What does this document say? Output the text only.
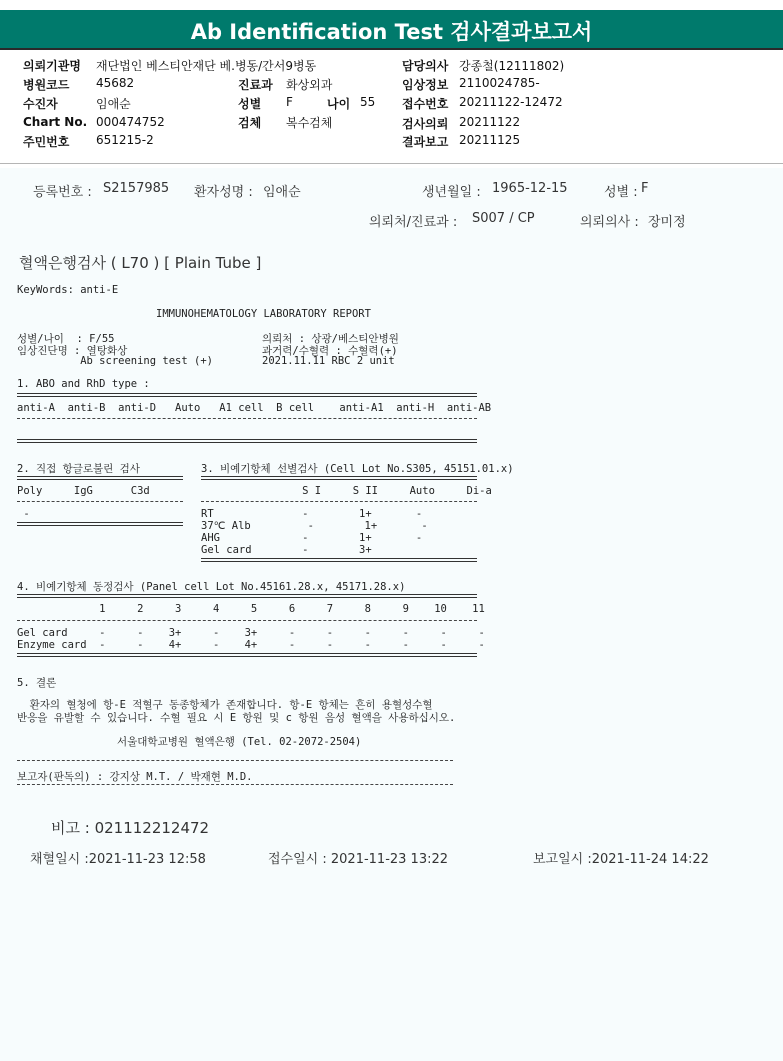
Ab Identification Test 검사결과보고서
의뢰기관명 재단법인 베스티안재단 베.병동/간서9병동
병원코드 45682
수진자	임애순
Chart No. 000474752
주민번호 651215-2
진료과 화상외과
성별 F	나이 55
검체 복수검체
담당의사 강종철(12111802)
임상정보 2110024785-
접수번호 20211122-12472
검사의뢰 20211122
결과보고 20211125
등록번호 : S2157985 환자성명 : 임애순	생년월일 : 1965-12-15	성별 : F
의뢰처/진료과 : S007 / CP	의뢰의사 : 장미정
혈액은행검사 ( L70 ) [ Plain Tube ]
KeyWords: anti-E
IMMUNOHEMATOLOGY LABORATORY REPORT
성별/나이  : F/55
임상진단명 : 열탕화상
Ab screening test (+)
의뢰처 : 상광/베스티안병원
과거력/수혈력 : 수혈력(+)
2021.11.11 RBC 2 unit
1. ABO and RhD type :
anti-A  anti-B  anti-D   Auto   A1 cell  B cell    anti-A1  anti-H  anti-AB
2. 직접 항글로불린 검사
Poly     IgG      C3d
-
3. 비예기항체 선별검사 (Cell Lot No.S305, 45151.01.x)
S I     S II     Auto     Di-a
RT              -        1+       -
37℃ Alb         -        1+       -
AHG             -        1+       -
Gel card        -        3+
4. 비예기항체 동정검사 (Panel cell Lot No.45161.28.x, 45171.28.x)
1     2     3     4     5     6     7     8     9    10    11
Gel card     -     -    3+     -    3+     -     -     -     -     -     -
Enzyme card  -     -    4+     -    4+     -     -     -     -     -     -
5. 결론
환자의 혈청에 항-E 적혈구 동종항체가 존재합니다. 항-E 항체는 흔히 용혈성수혈
반응을 유발할 수 있습니다. 수혈 필요 시 E 항원 및 c 항원 음성 혈액을 사용하십시오.
서울대학교병원 혈액은행 (Tel. 02-2072-2504)
보고자(판독의) : 강지상 M.T. / 박재현 M.D.
비고 : 021112212472
채혈일시 :2021-11-23 12:58	접수일시 : 2021-11-23 13:22	보고일시 :2021-11-24 14:22
